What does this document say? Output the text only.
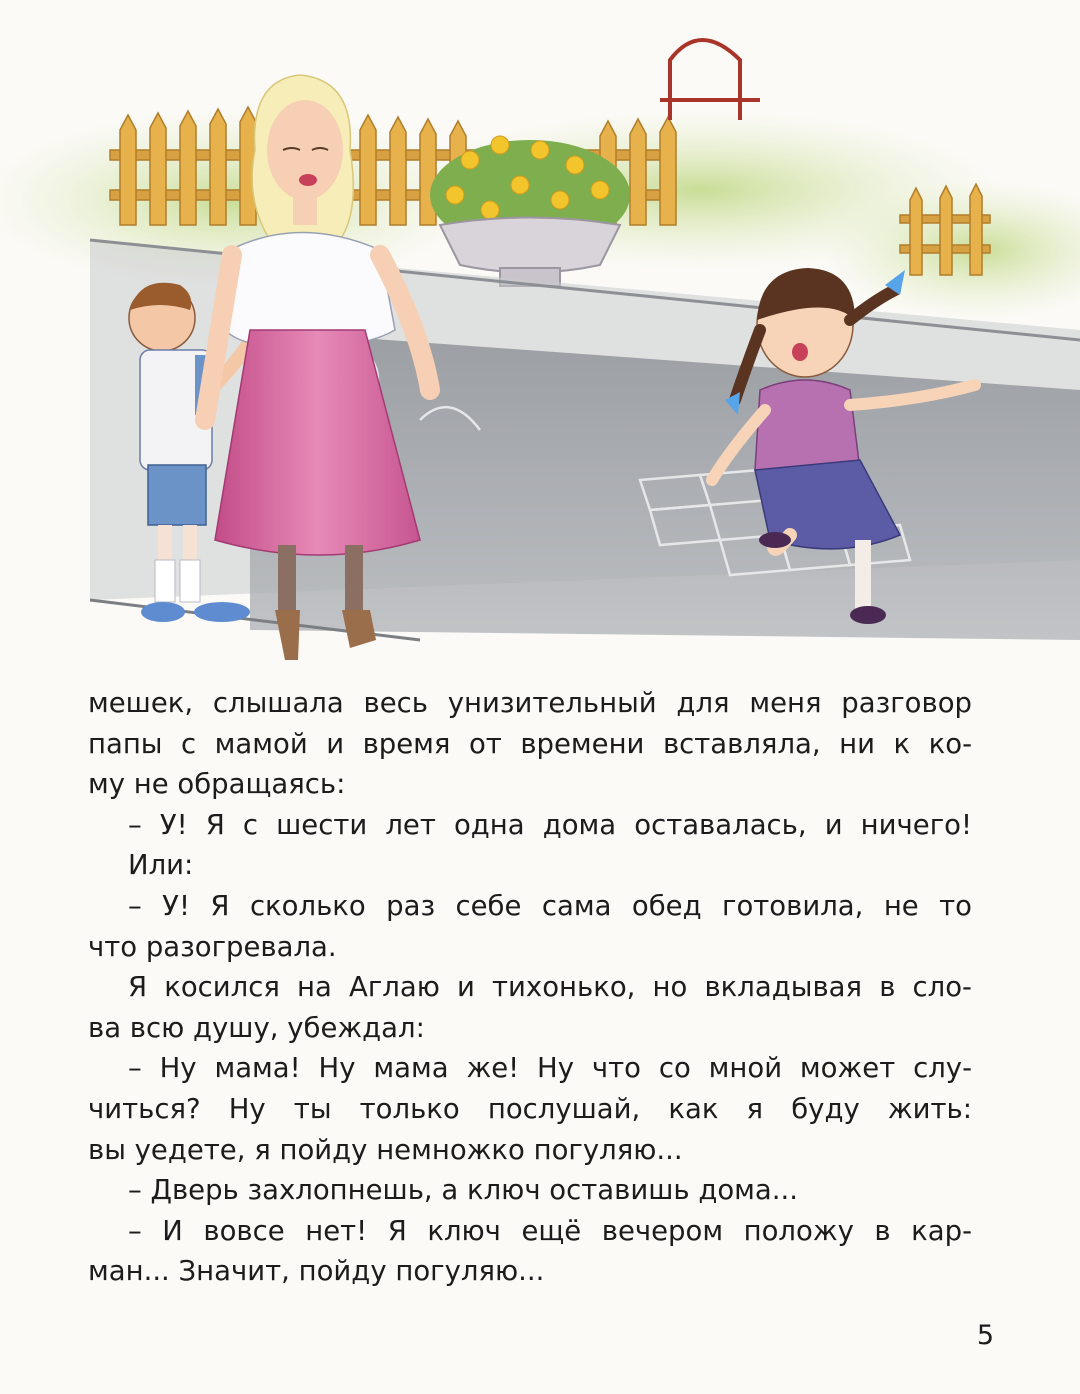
мешек, слышала весь унизительный для меня разговор
папы с мамой и время от времени вставляла, ни к ко-
му не обращаясь:
– У! Я с шести лет одна дома оставалась, и ничего!
Или:
– У! Я сколько раз себе сама обед готовила, не то
что разогревала.
Я косился на Аглаю и тихонько, но вкладывая в сло-
ва всю душу, убеждал:
– Ну мама! Ну мама же! Ну что со мной может слу-
читься? Ну ты только послушай, как я буду жить:
вы уедете, я пойду немножко погуляю...
– Дверь захлопнешь, а ключ оставишь дома...
– И вовсе нет! Я ключ ещё вечером положу в кар-
ман... Значит, пойду погуляю...
5
